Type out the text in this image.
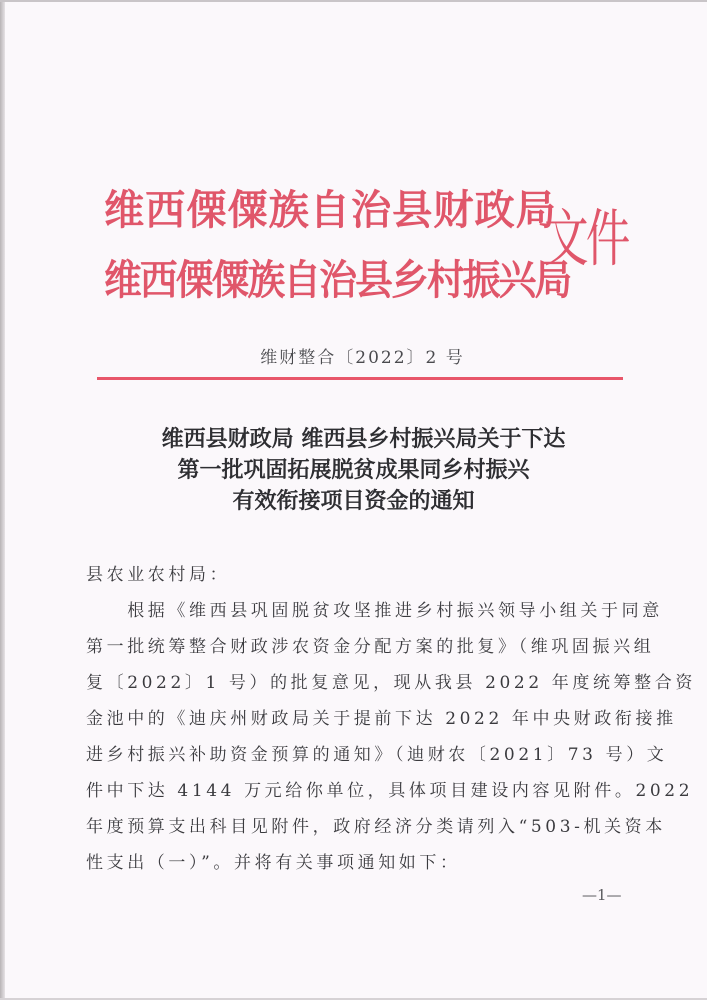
维西傈僳族自治县财政局
维西傈僳族自治县乡村振兴局
文件
维财整合〔2022〕2 号
维西县财政局 维西县乡村振兴局关于下达
第一批巩固拓展脱贫成果同乡村振兴
有效衔接项目资金的通知
县农业农村局：
　　根据《维西县巩固脱贫攻坚推进乡村振兴领导小组关于同意
第一批统筹整合财政涉农资金分配方案的批复》（维巩固振兴组
复〔2022〕1 号）的批复意见，现从我县 2022 年度统筹整合资
金池中的《迪庆州财政局关于提前下达 2022 年中央财政衔接推
进乡村振兴补助资金预算的通知》（迪财农〔2021〕73 号）文
件中下达 4144 万元给你单位，具体项目建设内容见附件。2022
年度预算支出科目见附件，政府经济分类请列入“503-机关资本
性支出（一）”。并将有关事项通知如下：
—1—
